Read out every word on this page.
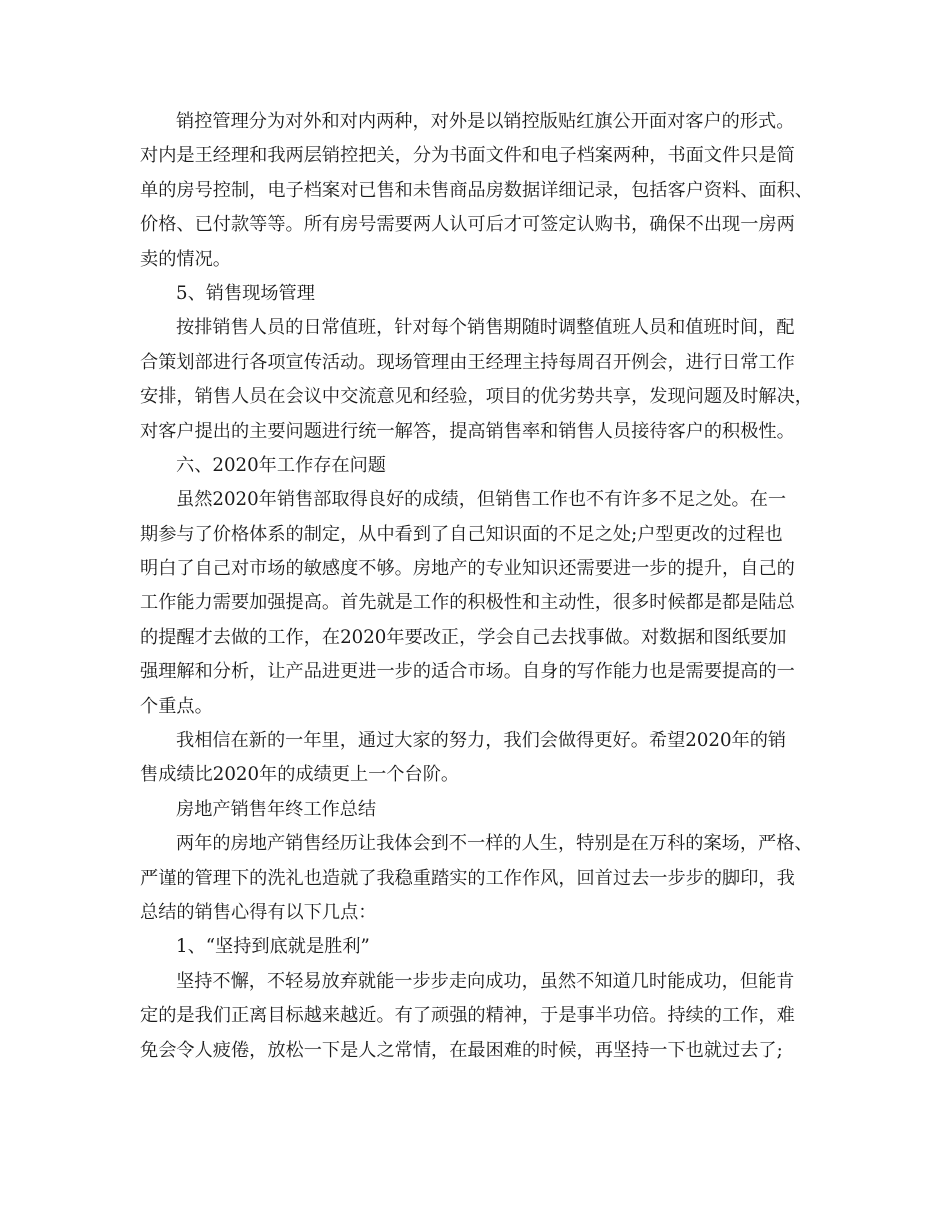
销控管理分为对外和对内两种，对外是以销控版贴红旗公开面对客户的形式。
对内是王经理和我两层销控把关，分为书面文件和电子档案两种，书面文件只是简
单的房号控制，电子档案对已售和未售商品房数据详细记录，包括客户资料、面积、
价格、已付款等等。所有房号需要两人认可后才可签定认购书，确保不出现一房两
卖的情况。
5、销售现场管理
按排销售人员的日常值班，针对每个销售期随时调整值班人员和值班时间，配
合策划部进行各项宣传活动。现场管理由王经理主持每周召开例会，进行日常工作
安排，销售人员在会议中交流意见和经验，项目的优劣势共享，发现问题及时解决，
对客户提出的主要问题进行统一解答，提高销售率和销售人员接待客户的积极性。
六、2020年工作存在问题
虽然2020年销售部取得良好的成绩，但销售工作也不有许多不足之处。在一
期参与了价格体系的制定，从中看到了自己知识面的不足之处;户型更改的过程也
明白了自己对市场的敏感度不够。房地产的专业知识还需要进一步的提升，自己的
工作能力需要加强提高。首先就是工作的积极性和主动性，很多时候都是都是陆总
的提醒才去做的工作，在2020年要改正，学会自己去找事做。对数据和图纸要加
强理解和分析，让产品进更进一步的适合市场。自身的写作能力也是需要提高的一
个重点。
我相信在新的一年里，通过大家的努力，我们会做得更好。希望2020年的销
售成绩比2020年的成绩更上一个台阶。
房地产销售年终工作总结
两年的房地产销售经历让我体会到不一样的人生，特别是在万科的案场，严格、
严谨的管理下的洗礼也造就了我稳重踏实的工作作风，回首过去一步步的脚印，我
总结的销售心得有以下几点：
1、“坚持到底就是胜利”
坚持不懈，不轻易放弃就能一步步走向成功，虽然不知道几时能成功，但能肯
定的是我们正离目标越来越近。有了顽强的精神，于是事半功倍。持续的工作，难
免会令人疲倦，放松一下是人之常情，在最困难的时候，再坚持一下也就过去了;
